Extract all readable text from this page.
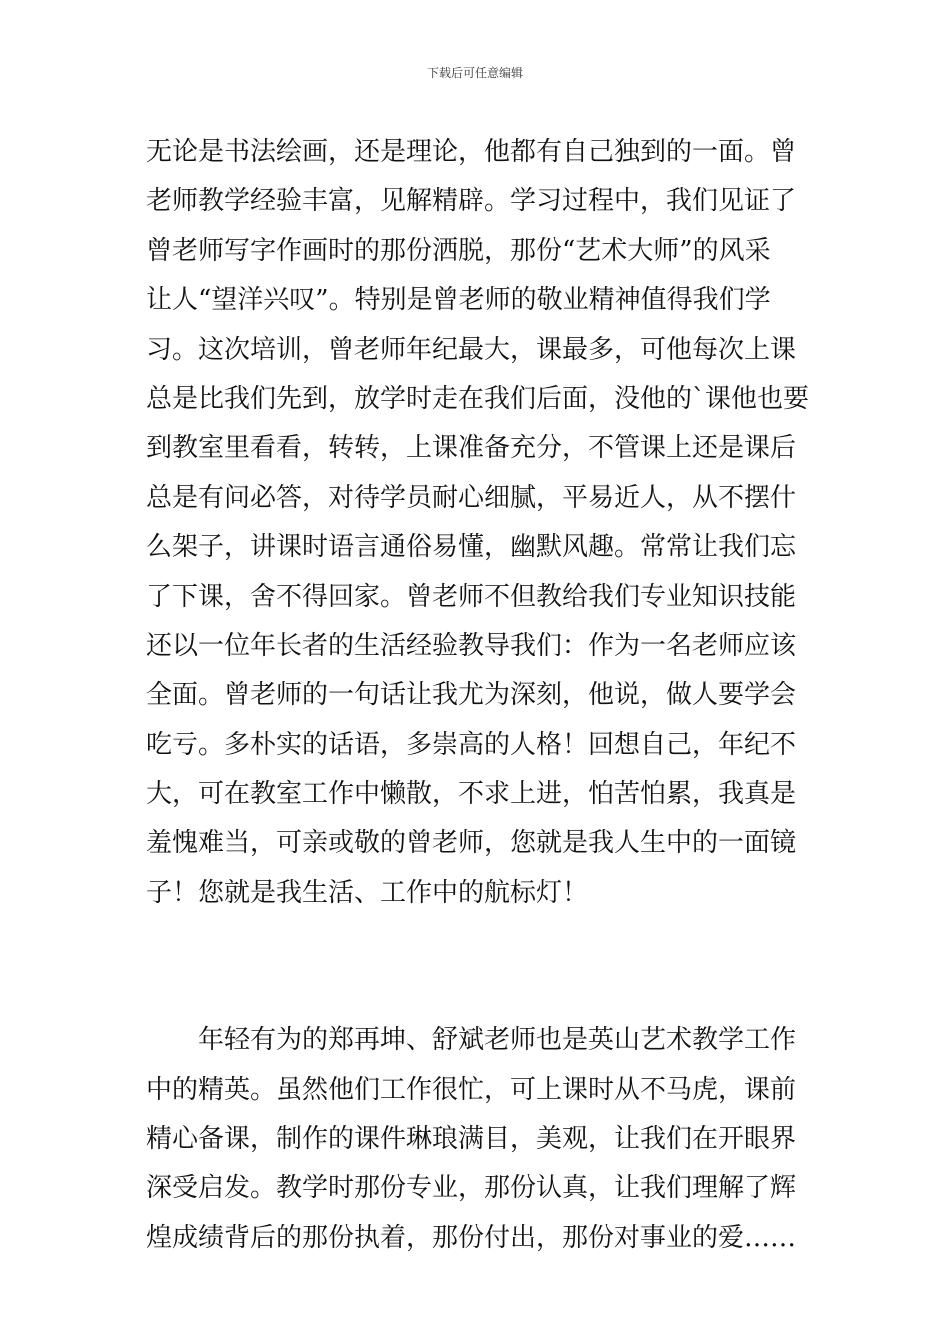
下载后可任意编辑
无论是书法绘画，还是理论，他都有自己独到的一面。曾
老师教学经验丰富，见解精辟。学习过程中，我们见证了
曾老师写字作画时的那份洒脱，那份“艺术大师”的风采
让人“望洋兴叹”。特别是曾老师的敬业精神值得我们学
习。这次培训，曾老师年纪最大，课最多，可他每次上课
总是比我们先到，放学时走在我们后面，没他的`课他也要
到教室里看看，转转，上课准备充分，不管课上还是课后
总是有问必答，对待学员耐心细腻，平易近人，从不摆什
么架子，讲课时语言通俗易懂，幽默风趣。常常让我们忘
了下课，舍不得回家。曾老师不但教给我们专业知识技能
还以一位年长者的生活经验教导我们：作为一名老师应该
全面。曾老师的一句话让我尤为深刻，他说，做人要学会
吃亏。多朴实的话语，多崇高的人格！回想自己，年纪不
大，可在教室工作中懒散，不求上进，怕苦怕累，我真是
羞愧难当，可亲或敬的曾老师，您就是我人生中的一面镜
子！您就是我生活、工作中的航标灯！
年轻有为的郑再坤、舒斌老师也是英山艺术教学工作
中的精英。虽然他们工作很忙，可上课时从不马虎，课前
精心备课，制作的课件琳琅满目，美观，让我们在开眼界
深受启发。教学时那份专业，那份认真，让我们理解了辉
煌成绩背后的那份执着，那份付出，那份对事业的爱……
